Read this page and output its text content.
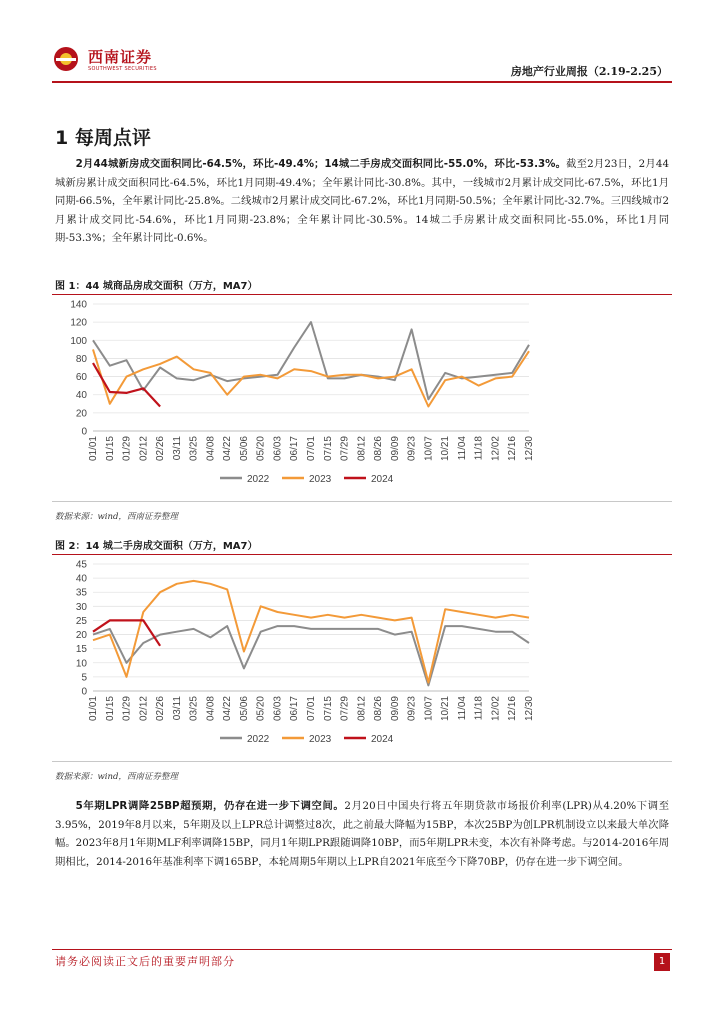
西南证券
SOUTHWEST SECURITIES	房地产行业周报（2.19-2.25）
1 每周点评
2月44城新房成交面积同比-64.5%，环比-49.4%；14城二手房成交面积同比-55.0%，环比-53.3%。截至2月23日，2月44城新房累计成交面积同比-64.5%，环比1月同期-49.4%；全年累计同比-30.8%。其中，一线城市2月累计成交同比-67.5%，环比1月同期-66.5%，全年累计同比-25.8%。二线城市2月累计成交同比-67.2%，环比1月同期-50.5%；全年累计同比-32.7%。三四线城市2月累计成交同比-54.6%，环比1月同期-23.8%；全年累计同比-30.5%。14城二手房累计成交面积同比-55.0%，环比1月同期-53.3%；全年累计同比-0.6%。
图 1：44 城商品房成交面积（万方，MA7）
0
20
40
60
80
100
120
140
01/01 01/15 01/29 02/12 02/26 03/11 03/25 04/08 04/22 05/06 05/20 06/03 06/17 07/01 07/15 07/29 08/12 08/26 09/09 09/23 10/07 10/21 11/04 11/18 12/02 12/16 12/30
2022	2023	2024
数据来源：wind，西南证券整理
图 2：14 城二手房成交面积（万方，MA7）
0
5
10
15
20
25
30
35
40
45
01/01 01/15 01/29 02/12 02/26 03/11 03/25 04/08 04/22 05/06 05/20 06/03 06/17 07/01 07/15 07/29 08/12 08/26 09/09 09/23 10/07 10/21 11/04 11/18 12/02 12/16 12/30
2022	2023	2024
数据来源：wind，西南证券整理
5年期LPR调降25BP超预期，仍存在进一步下调空间。2月20日中国央行将五年期贷款市场报价利率(LPR)从4.20%下调至3.95%，2019年8月以来，5年期及以上LPR总计调整过8次，此之前最大降幅为15BP，本次25BP为创LPR机制设立以来最大单次降幅。2023年8月1年期MLF利率调降15BP，同月1年期LPR跟随调降10BP，而5年期LPR未变，本次有补降考虑。与2014-2016年周期相比，2014-2016年基准利率下调165BP，本轮周期5年期以上LPR自2021年底至今下降70BP，仍存在进一步下调空间。
请务必阅读正文后的重要声明部分	1
